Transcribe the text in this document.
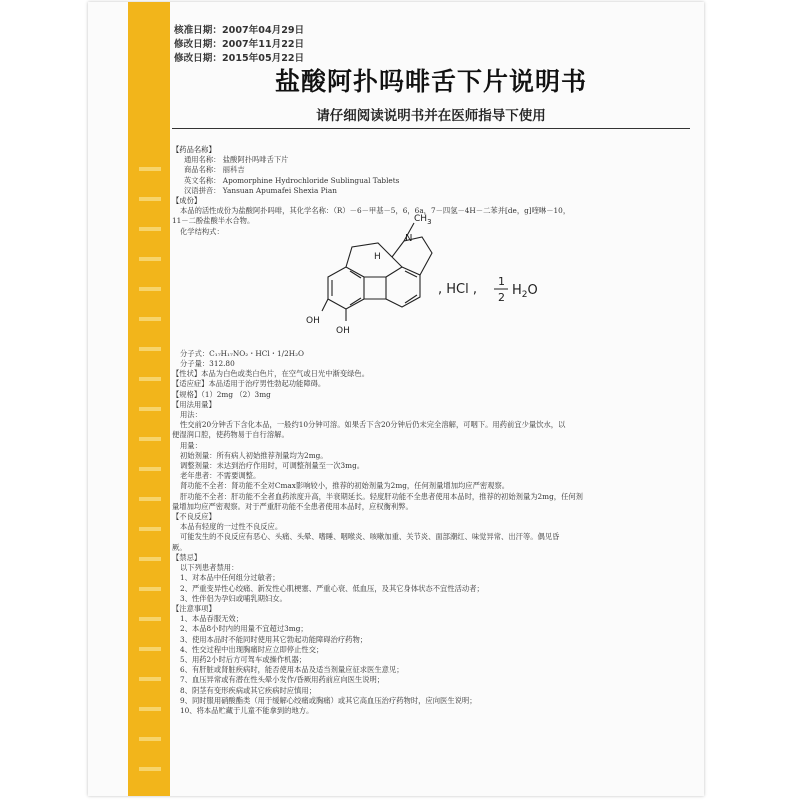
核准日期：2007年04月29日
修改日期：2007年11月22日
修改日期：2015年05月22日
盐酸阿扑吗啡舌下片说明书
请仔细阅读说明书并在医师指导下使用

【药品名称】

通用名称： 盐酸阿扑吗啡舌下片

商品名称： 丽科吉

英文名称： Apomorphine Hydrochloride Sublingual Tablets

汉语拼音： Yansuan Apumafei Shexia Pian

【成份】

本品的活性成份为盐酸阿扑吗啡，其化学名称：（R）－6－甲基－5，6，6a，7－四氢－4H－二苯并[de，g]喹啉－10，

11－二酚盐酸半水合物。

化学结构式：

N
$CH_3$
H
OH
OH
, HCl ,
1
2 $H_2O$

分子式：C₁₇H₁₇NO₂・HCl・1/2H₂O

分子量：312.80

【性状】本品为白色或类白色片，在空气或日光中渐变绿色。

【适应症】本品适用于治疗男性勃起功能障碍。

【规格】（1）2mg （2）3mg

【用法用量】

用法：

性交前20分钟舌下含化本品，一般约10分钟可溶。如果舌下含20分钟后仍未完全溶解，可咽下。用药前宜少量饮水，以

便湿润口腔，使药物易于自行溶解。

用量：

初始剂量：所有病人初始推荐剂量均为2mg。

调整剂量：未达到治疗作用时，可调整剂量至一次3mg。

老年患者：不需要调整。

肾功能不全者：肾功能不全对Cmax影响较小，推荐的初始剂量为2mg，任何剂量增加均应严密观察。

肝功能不全者：肝功能不全者血药浓度升高，半衰期延长。轻度肝功能不全患者使用本品时，推荐的初始剂量为2mg，任何剂

量增加均应严密观察。对于严重肝功能不全患者使用本品时，应权衡利弊。

【不良反应】

本品有轻度的一过性不良反应。

可能发生的不良反应有恶心、头痛、头晕、嗜睡、咽喉炎、咳嗽加重、关节炎、面部潮红、味觉异常、出汗等。偶见昏

厥。

【禁忌】

以下列患者禁用：

1、对本品中任何组分过敏者；

2、严重变异性心绞痛、新发性心肌梗塞、严重心衰、低血压，及其它身体状态不宜性活动者；

3、性伴侣为孕妇或哺乳期妇女。

【注意事项】

1、本品吞服无效；

2、本品8小时内的用量不宜超过3mg；

3、使用本品时不能同时使用其它勃起功能障碍治疗药物；

4、性交过程中出现胸痛时应立即停止性交；

5、用药2小时后方可驾车或操作机器；

6、有肝脏或肾脏疾病时，能否使用本品及适当剂量应征求医生意见；

7、血压异常或有潜在性头晕小发作/昏厥用药前应向医生说明；

8、阴茎有变形疾病或其它疾病时应慎用；

9、同时服用硝酸酯类（用于缓解心绞痛或胸痛）或其它高血压治疗药物时，应向医生说明；

10、将本品贮藏于儿童不能拿到的地方。
